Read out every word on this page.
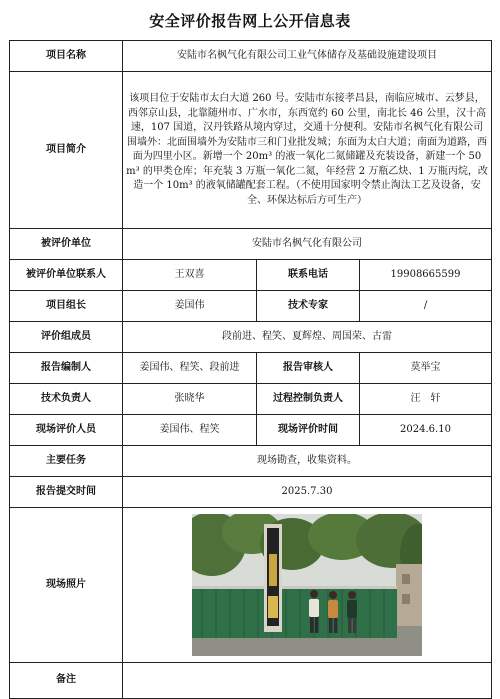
安全评价报告网上公开信息表
项目名称	安陆市名枫气化有限公司工业气体储存及基础设施建设项目		
项目简介	该项目位于安陆市太白大道 260 号。安陆市东接孝昌县，南临应城市、云梦县，西邻京山县，北靠随州市、广水市，东西宽约 60 公里，南北长 46 公里，汉十高速，107 国道，汉丹铁路从境内穿过，交通十分便利。安陆市名枫气化有限公司围墙外：北面围墙外为安陆市三和门业批发城；东面为太白大道；南面为道路，西面为四里小区。新增一个 20m³ 的液一氧化二氮储罐及充装设备，新建一个 50 m³ 的甲类仓库；年充装 3 万瓶一氧化二氮，年经营 2 万瓶乙炔、1 万瓶丙烷，改造一个 10m³ 的液氧储罐配套工程。（不使用国家明令禁止淘汰工艺及设备，安全、环保达标后方可生产）		
被评价单位	安陆市名枫气化有限公司		
被评价单位联系人	王双喜	联系电话	19908665599
项目组长	姜国伟	技术专家	/
评价组成员	段前进、程笑、夏辉煌、周国荣、古雷		
报告编制人	姜国伟、程笑、段前进	报告审核人	莫举宝
技术负责人	张晓华	过程控制负责人	汪　轩
现场评价人员	姜国伟、程笑	现场评价时间	2024.6.10
主要任务	现场勘查，收集资料。		
报告提交时间	2025.7.30		
现场照片	

备注			
